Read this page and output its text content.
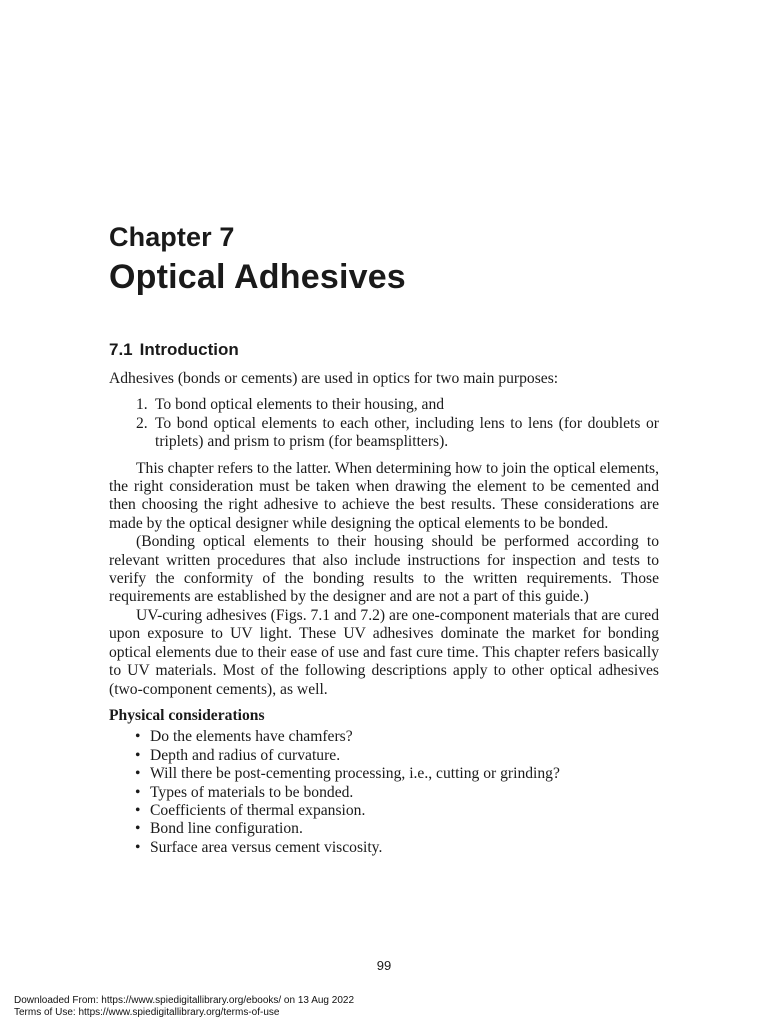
Chapter 7
Optical Adhesives
7.1 Introduction

Adhesives (bonds or cements) are used in optics for two main purposes:

1. To bond optical elements to their housing, and
2. To bond optical elements to each other, including lens to lens (for doublets or triplets) and prism to prism (for beamsplitters).

This chapter refers to the latter. When determining how to join the optical elements, the right consideration must be taken when drawing the element to be cemented and then choosing the right adhesive to achieve the best results. These considerations are made by the optical designer while designing the optical elements to be bonded.

(Bonding optical elements to their housing should be performed according to relevant written procedures that also include instructions for inspection and tests to verify the conformity of the bonding results to the written requirements. Those requirements are established by the designer and are not a part of this guide.)

UV-curing adhesives (Figs. 7.1 and 7.2) are one-component materials that are cured upon exposure to UV light. These UV adhesives dominate the market for bonding optical elements due to their ease of use and fast cure time. This chapter refers basically to UV materials. Most of the following descriptions apply to other optical adhesives (two-component cements), as well.

Physical considerations
• Do the elements have chamfers?
• Depth and radius of curvature.
• Will there be post-cementing processing, i.e., cutting or grinding?
• Types of materials to be bonded.
• Coefficients of thermal expansion.
• Bond line configuration.
• Surface area versus cement viscosity.
99
Downloaded From: https://www.spiedigitallibrary.org/ebooks/ on 13 Aug 2022
Terms of Use: https://www.spiedigitallibrary.org/terms-of-use
